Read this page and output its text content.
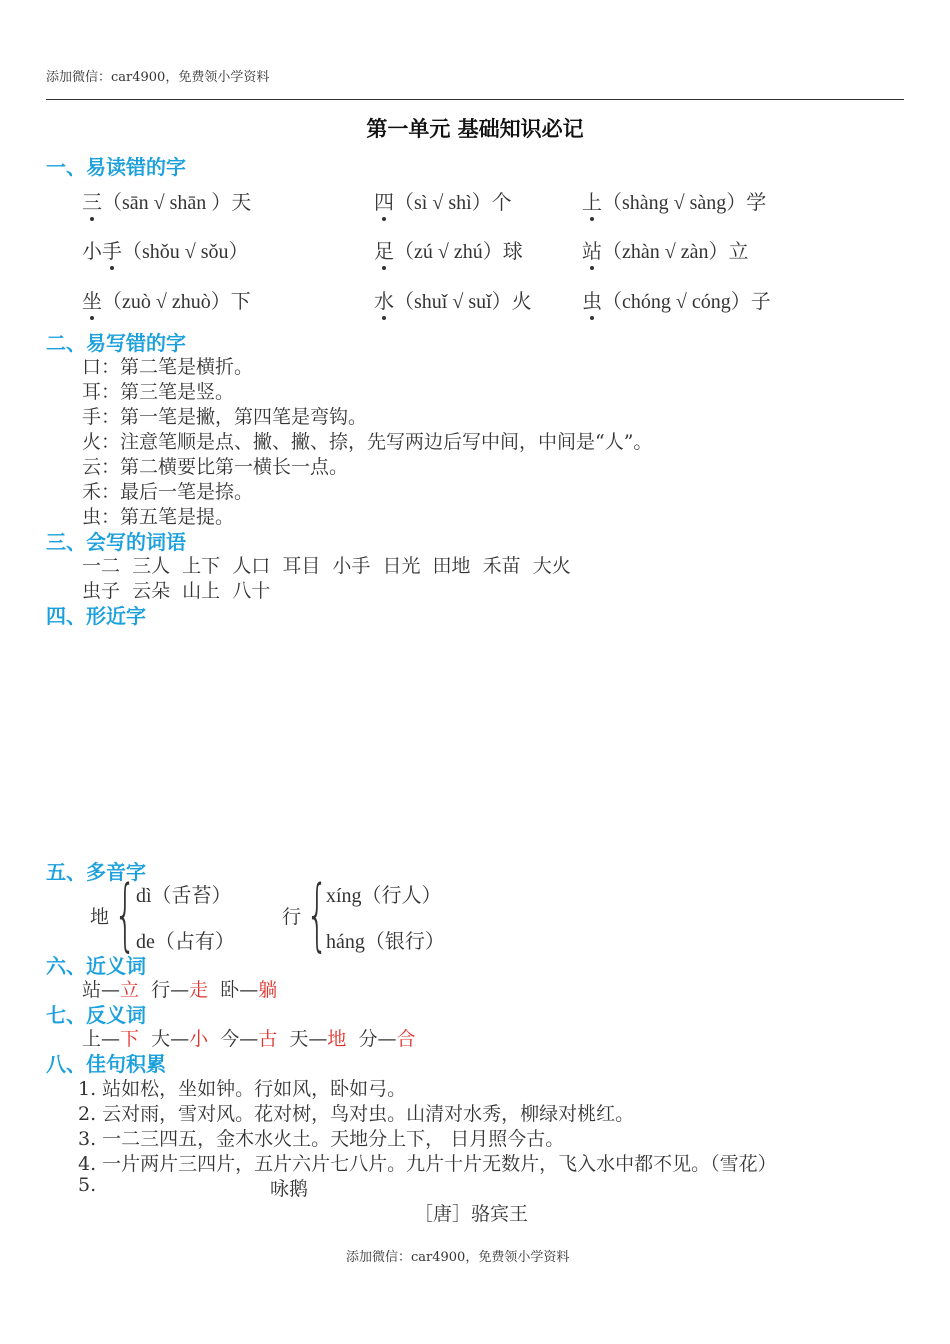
添加微信：car4900，免费领小学资料
第一单元 基础知识必记
一、易读错的字
三（sān √ shān ）天	四（sì √ shì）个	上（shàng √ sàng）学
小手（shǒu √ sǒu）	足（zú √ zhú）球	站（zhàn √ zàn）立
坐（zuò √ zhuò）下	水（shuǐ √ suǐ）火	虫（chóng √ cóng）子
二、易写错的字
口：第二笔是横折。
耳：第三笔是竖。
手：第一笔是撇，第四笔是弯钩。
火：注意笔顺是点、撇、撇、捺，先写两边后写中间，中间是“人”。
云：第二横要比第一横长一点。
禾：最后一笔是捺。
虫：第五笔是提。
三、会写的词语
一二  三人  上下  人口  耳目  小手  日光  田地  禾苗  大火
虫子  云朵  山上  八十
四、形近字
五、多音字
地 { dì（舌苔）
de（占有）
行 {
xíng（行人）
háng（银行）
六、近义词
站—立 行—走 卧—躺
七、反义词
上—下 大—小 今—古 天—地 分—合
八、佳句积累
1. 站如松，坐如钟。行如风，卧如弓。
2. 云对雨，雪对风。花对树，鸟对虫。山清对水秀，柳绿对桃红。
3. 一二三四五，金木水火土。天地分上下， 日月照今古。
4. 一片两片三四片，五片六片七八片。九片十片无数片，飞入水中都不见。（雪花）
5.	咏鹅
［唐］骆宾王
添加微信：car4900，免费领小学资料
